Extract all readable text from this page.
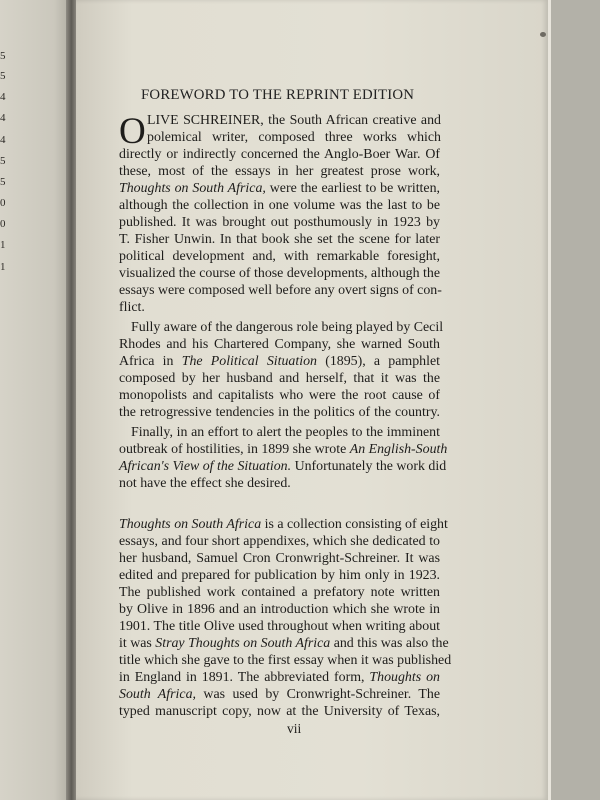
5
5
4
4
4
5
5
0
0
1
1
FOREWORD TO THE REPRINT EDITION
O LIVE SCHREINER, the South African creative and
polemical writer, composed three works which
directly or indirectly concerned the Anglo-Boer War. Of
these, most of the essays in her greatest prose work,
Thoughts on South Africa, were the earliest to be written,
although the collection in one volume was the last to be
published. It was brought out posthumously in 1923 by
T. Fisher Unwin. In that book she set the scene for later
political development and, with remarkable foresight,
visualized the course of those developments, although the
essays were composed well before any overt signs of con-
flict.
Fully aware of the dangerous role being played by Cecil
Rhodes and his Chartered Company, she warned South
Africa in The Political Situation (1895), a pamphlet
composed by her husband and herself, that it was the
monopolists and capitalists who were the root cause of
the retrogressive tendencies in the politics of the country.
Finally, in an effort to alert the peoples to the imminent
outbreak of hostilities, in 1899 she wrote An English-South
African's View of the Situation. Unfortunately the work did
not have the effect she desired.
Thoughts on South Africa is a collection consisting of eight
essays, and four short appendixes, which she dedicated to
her husband, Samuel Cron Cronwright-Schreiner. It was
edited and prepared for publication by him only in 1923.
The published work contained a prefatory note written
by Olive in 1896 and an introduction which she wrote in
1901. The title Olive used throughout when writing about
it was Stray Thoughts on South Africa and this was also the
title which she gave to the first essay when it was published
in England in 1891. The abbreviated form, Thoughts on
South Africa, was used by Cronwright-Schreiner. The
typed manuscript copy, now at the University of Texas,
vii
